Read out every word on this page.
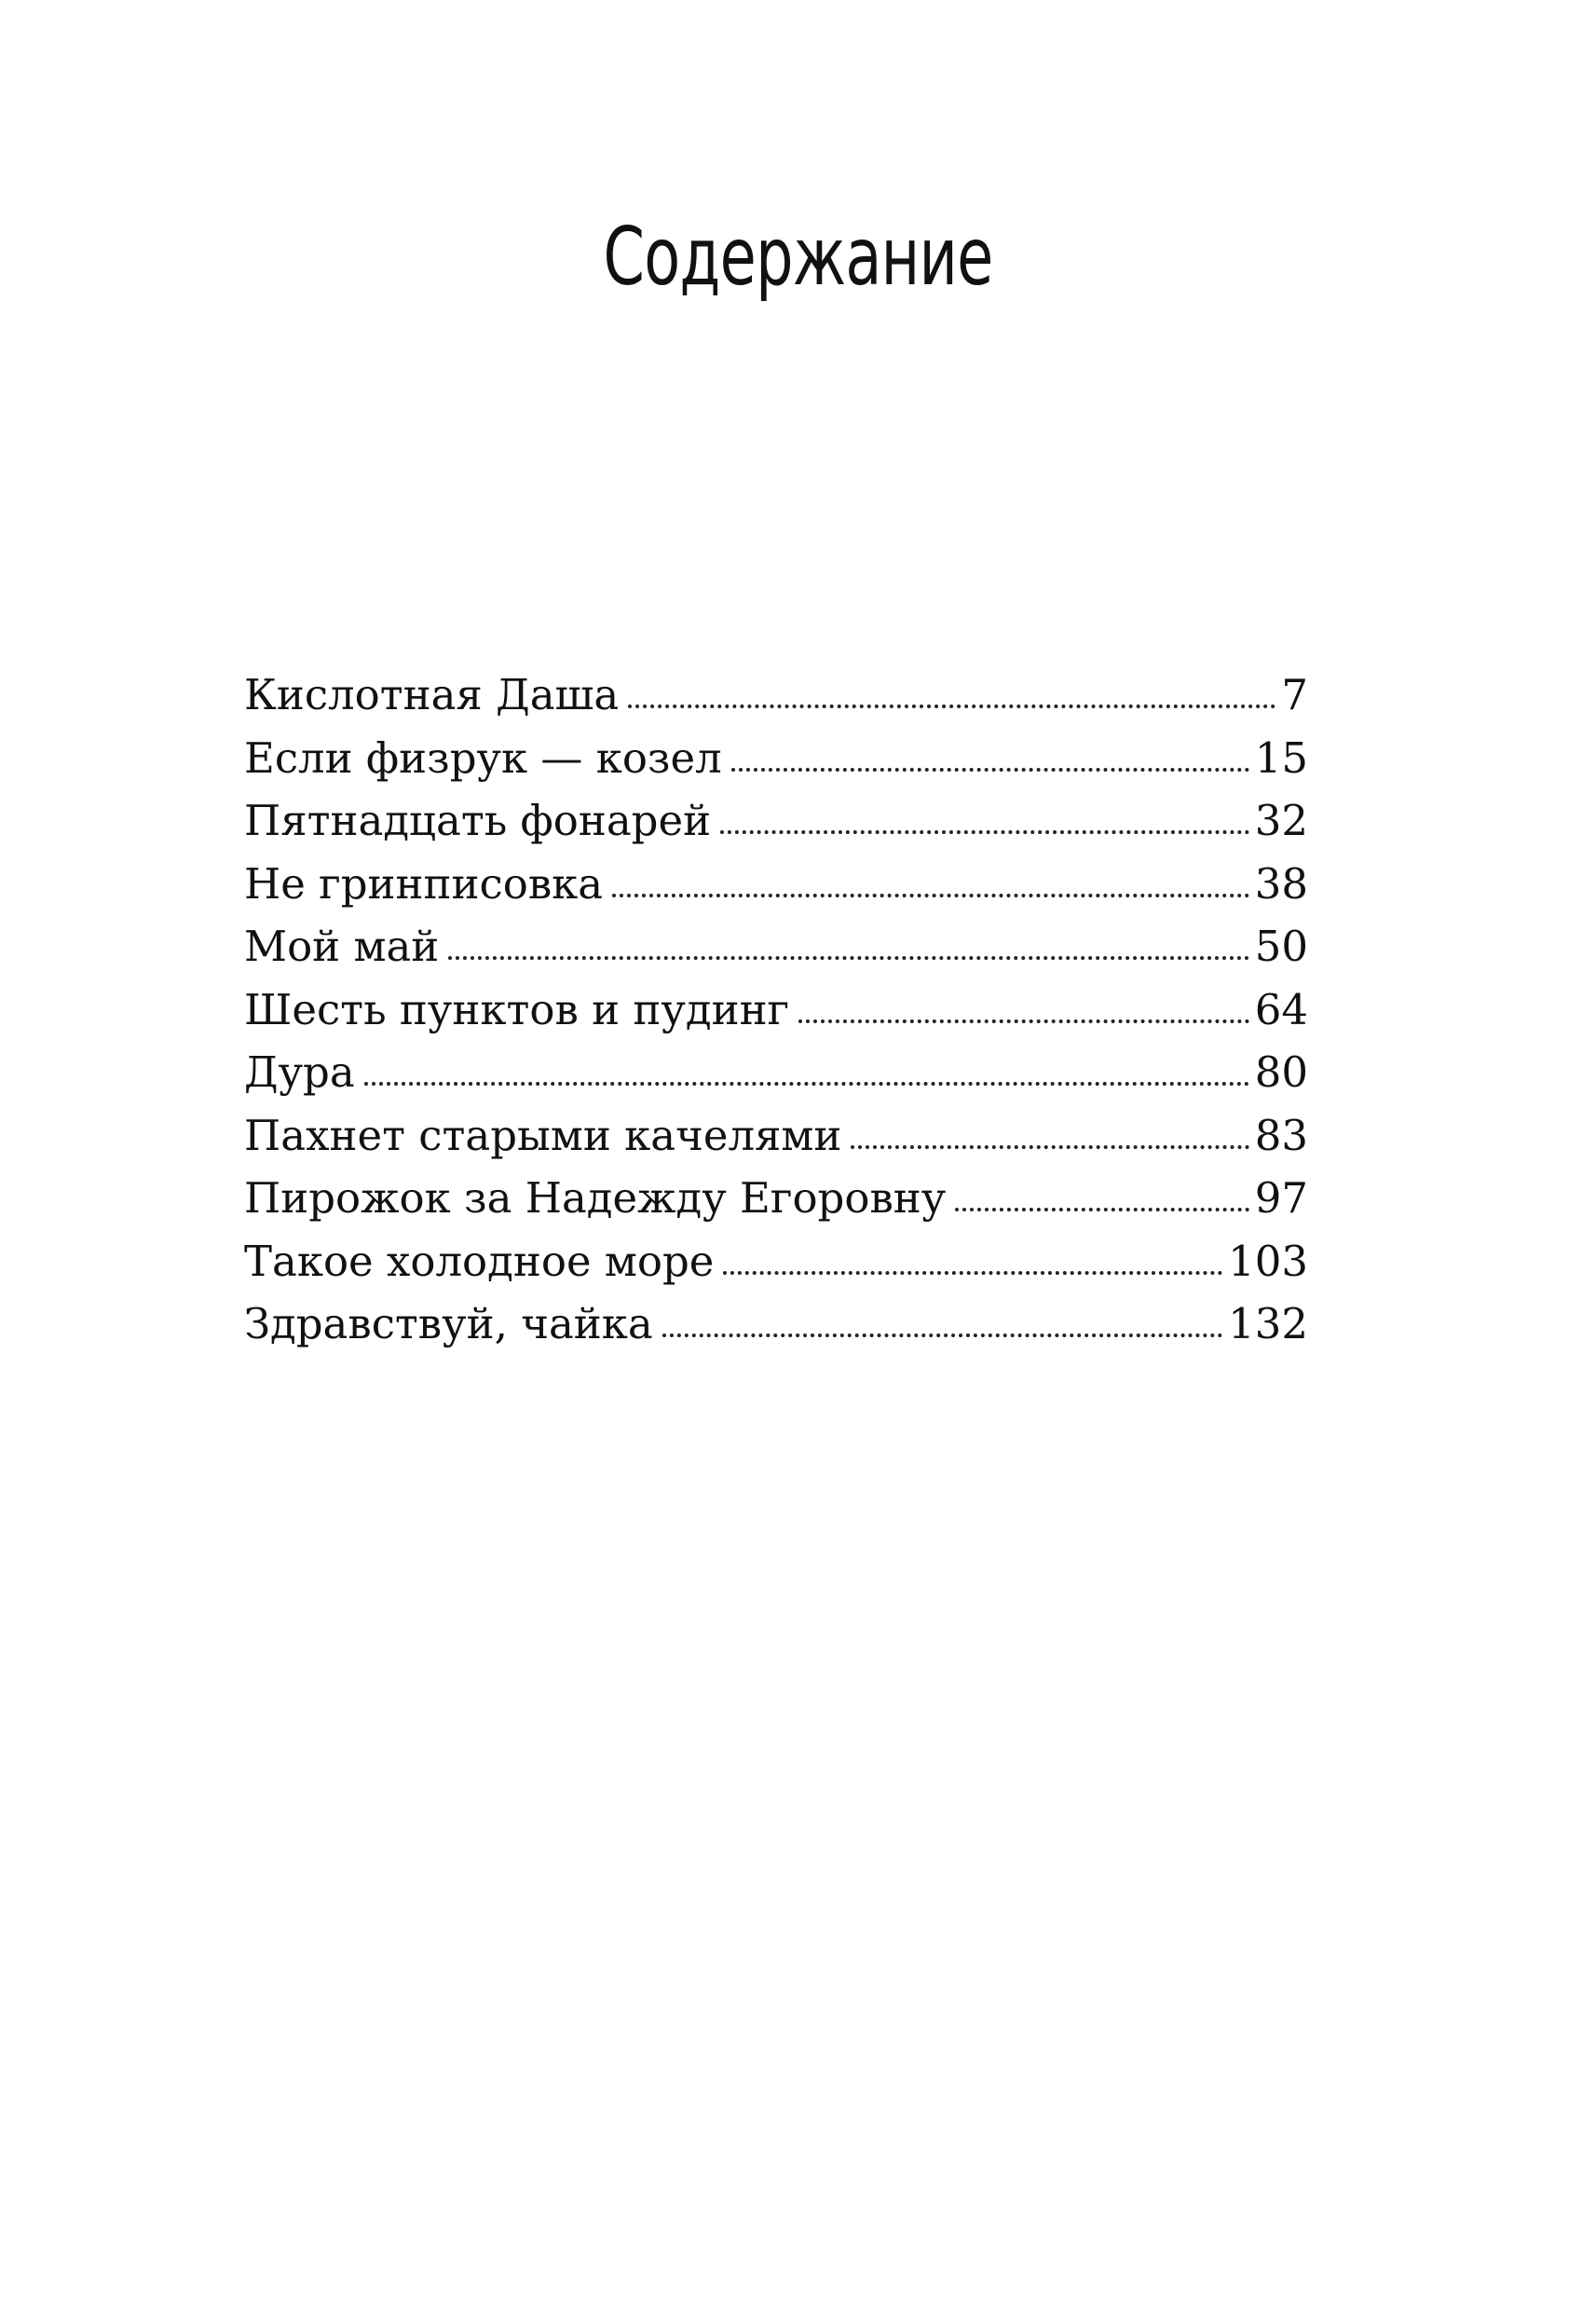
Содержание
Кислотная Даша	7
Если физрук — козел	15
Пятнадцать фонарей	32
Не гринписовка	38
Мой май	50
Шесть пунктов и пудинг	64
Дура	80
Пахнет старыми качелями	83
Пирожок за Надежду Егоровну	97
Такое холодное море	103
Здравствуй, чайка	132
